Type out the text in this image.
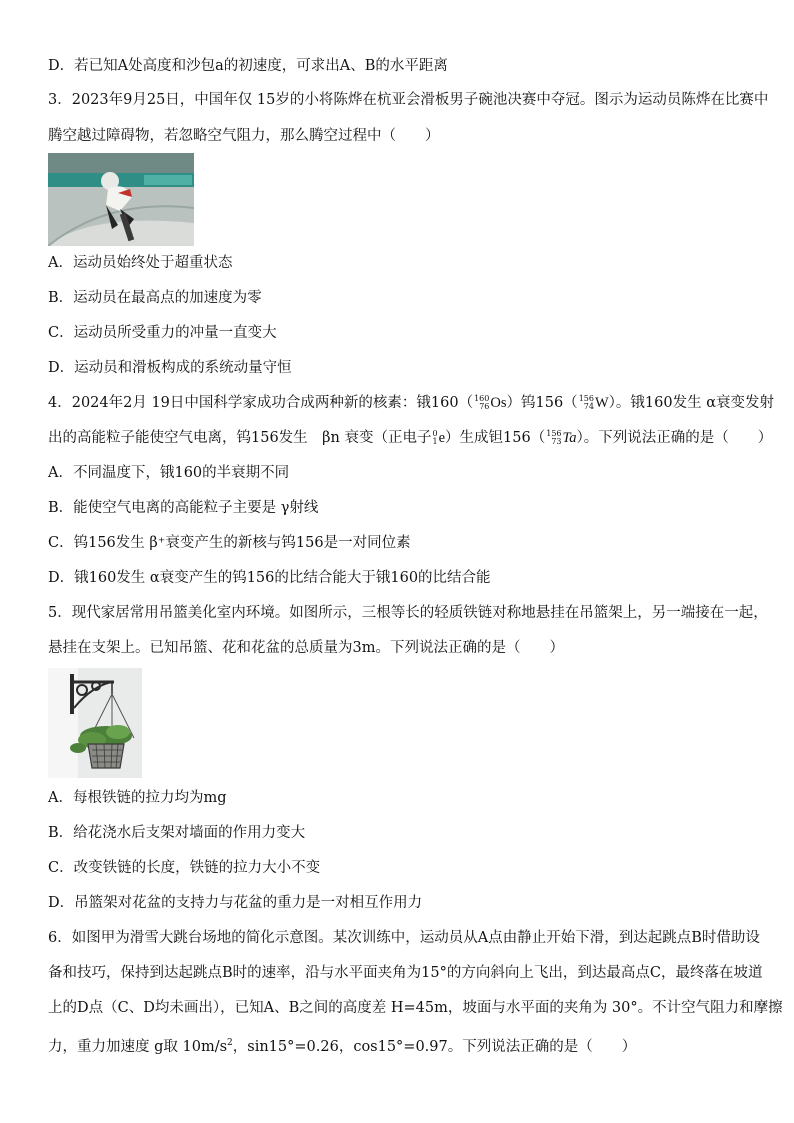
D．若已知A处高度和沙包a的初速度，可求出A、B的水平距离
3．2023年9月25日，中国年仅 15岁的小将陈烨在杭亚会滑板男子碗池决赛中夺冠。图示为运动员陈烨在比赛中
腾空越过障碍物，若忽略空气阻力，那么腾空过程中（　　）
A．运动员始终处于超重状态
B．运动员在最高点的加速度为零
C．运动员所受重力的冲量一直变大
D．运动员和滑板构成的系统动量守恒
4．2024年2月 19日中国科学家成功合成两种新的核素：锇160（ 160
76 Os）钨156（ 156
74 W）。锇160发生 α衰变发射
出的高能粒子能使空气电离，钨156发生　βn 衰变（正电子 0
1 e）生成钽156（ 156
73 Ta）。下列说法正确的是（　　）
A．不同温度下，锇160的半衰期不同
B．能使空气电离的高能粒子主要是 γ射线
C．钨156发生 β⁺衰变产生的新核与钨156是一对同位素
D．锇160发生 α衰变产生的钨156的比结合能大于锇160的比结合能
5．现代家居常用吊篮美化室内环境。如图所示，三根等长的轻质铁链对称地悬挂在吊篮架上，另一端接在一起，
悬挂在支架上。已知吊篮、花和花盆的总质量为3m。下列说法正确的是（　　）
A．每根铁链的拉力均为mg
B．给花浇水后支架对墙面的作用力变大
C．改变铁链的长度，铁链的拉力大小不变
D．吊篮架对花盆的支持力与花盆的重力是一对相互作用力
6．如图甲为滑雪大跳台场地的简化示意图。某次训练中，运动员从A点由静止开始下滑，到达起跳点B时借助设
备和技巧，保持到达起跳点B时的速率，沿与水平面夹角为15°的方向斜向上飞出，到达最高点C，最终落在坡道
上的D点（C、D均未画出），已知A、B之间的高度差 H=45m，坡面与水平面的夹角为 30°。不计空气阻力和摩擦
力，重力加速度 g取 $10m/s^2$，sin15°=0.26，cos15°=0.97。下列说法正确的是（　　）
